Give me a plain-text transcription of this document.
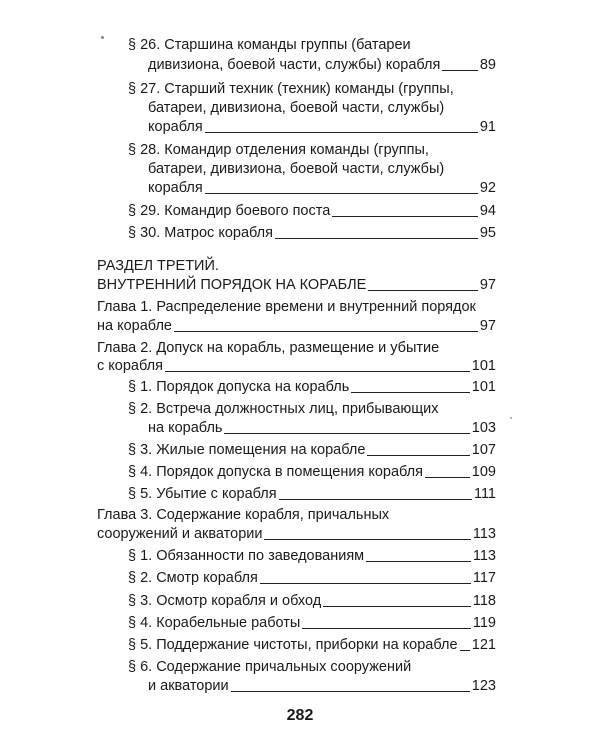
§ 26. Старшина команды группы (батареи
дивизиона, боевой части, службы) корабля	89
§ 27. Старший техник (техник) команды (группы,
батареи, дивизиона, боевой части, службы)
корабля	91
§ 28. Командир отделения команды (группы,
батареи, дивизиона, боевой части, службы)
корабля	92
§ 29. Командир боевого поста	94
§ 30. Матрос корабля	95
РАЗДЕЛ ТРЕТИЙ.
ВНУТРЕННИЙ ПОРЯДОК НА КОРАБЛЕ	97
Глава 1. Распределение времени и внутренний порядок
на корабле	97
Глава 2. Допуск на корабль, размещение и убытие
с корабля	101
§ 1. Порядок допуска на корабль	101
§ 2. Встреча должностных лиц, прибывающих
на корабль	103
§ 3. Жилые помещения на корабле	107
§ 4. Порядок допуска в помещения корабля	109
§ 5. Убытие с корабля	111
Глава 3. Содержание корабля, причальных
сооружений и акватории	113
§ 1. Обязанности по заведованиям	113
§ 2. Смотр корабля	117
§ 3. Осмотр корабля и обход	118
§ 4. Корабельные работы	119
§ 5. Поддержание чистоты, приборки на корабле 121
§ 6. Содержание причальных сооружений
и акватории	123
282
